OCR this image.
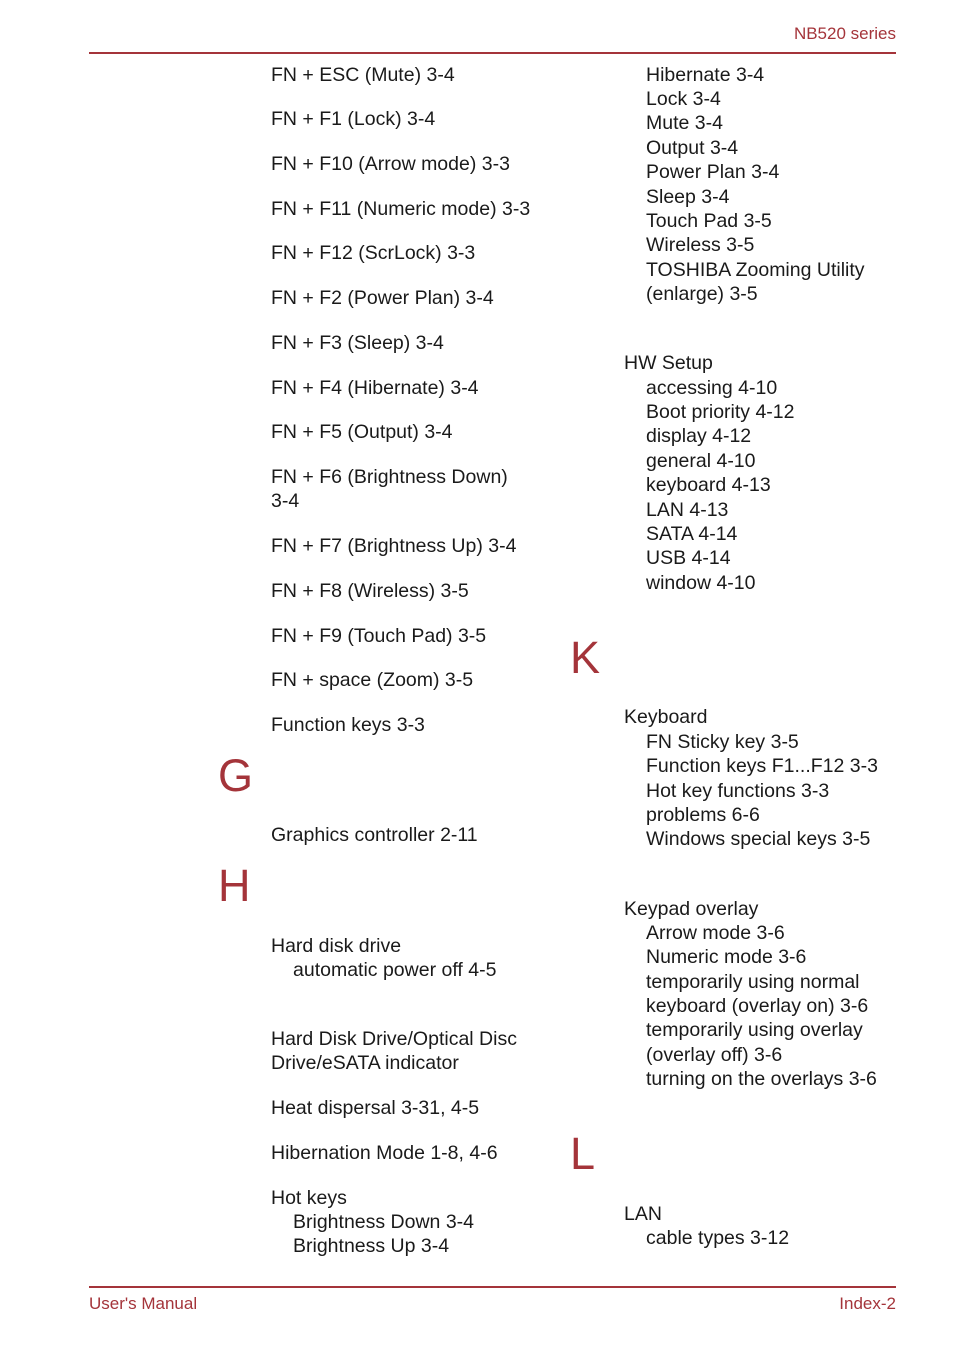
NB520 series
FN + ESC (Mute) 3-4
FN + F1 (Lock) 3-4
FN + F10 (Arrow mode) 3-3
FN + F11 (Numeric mode) 3-3
FN + F12 (ScrLock) 3-3
FN + F2 (Power Plan) 3-4
FN + F3 (Sleep) 3-4
FN + F4 (Hibernate) 3-4
FN + F5 (Output) 3-4
FN + F6 (Brightness Down)
3-4
FN + F7 (Brightness Up) 3-4
FN + F8 (Wireless) 3-5
FN + F9 (Touch Pad) 3-5
FN + space (Zoom) 3-5
Function keys 3-3
G
Graphics controller 2-11
H
Hard disk drive
automatic power off 4-5
Hard Disk Drive/Optical Disc
Drive/eSATA indicator
Heat dispersal 3-31, 4-5
Hibernation Mode 1-8, 4-6
Hot keys
Brightness Down 3-4
Brightness Up 3-4
Hibernate 3-4
Lock 3-4
Mute 3-4
Output 3-4
Power Plan 3-4
Sleep 3-4
Touch Pad 3-5
Wireless 3-5
TOSHIBA Zooming Utility
(enlarge) 3-5
HW Setup
accessing 4-10
Boot priority 4-12
display 4-12
general 4-10
keyboard 4-13
LAN 4-13
SATA 4-14
USB 4-14
window 4-10
K
Keyboard
FN Sticky key 3-5
Function keys F1...F12 3-3
Hot key functions 3-3
problems 6-6
Windows special keys 3-5
Keypad overlay
Arrow mode 3-6
Numeric mode 3-6
temporarily using normal
keyboard (overlay on) 3-6
temporarily using overlay
(overlay off) 3-6
turning on the overlays 3-6
L
LAN
cable types 3-12
User's Manual	Index-2
